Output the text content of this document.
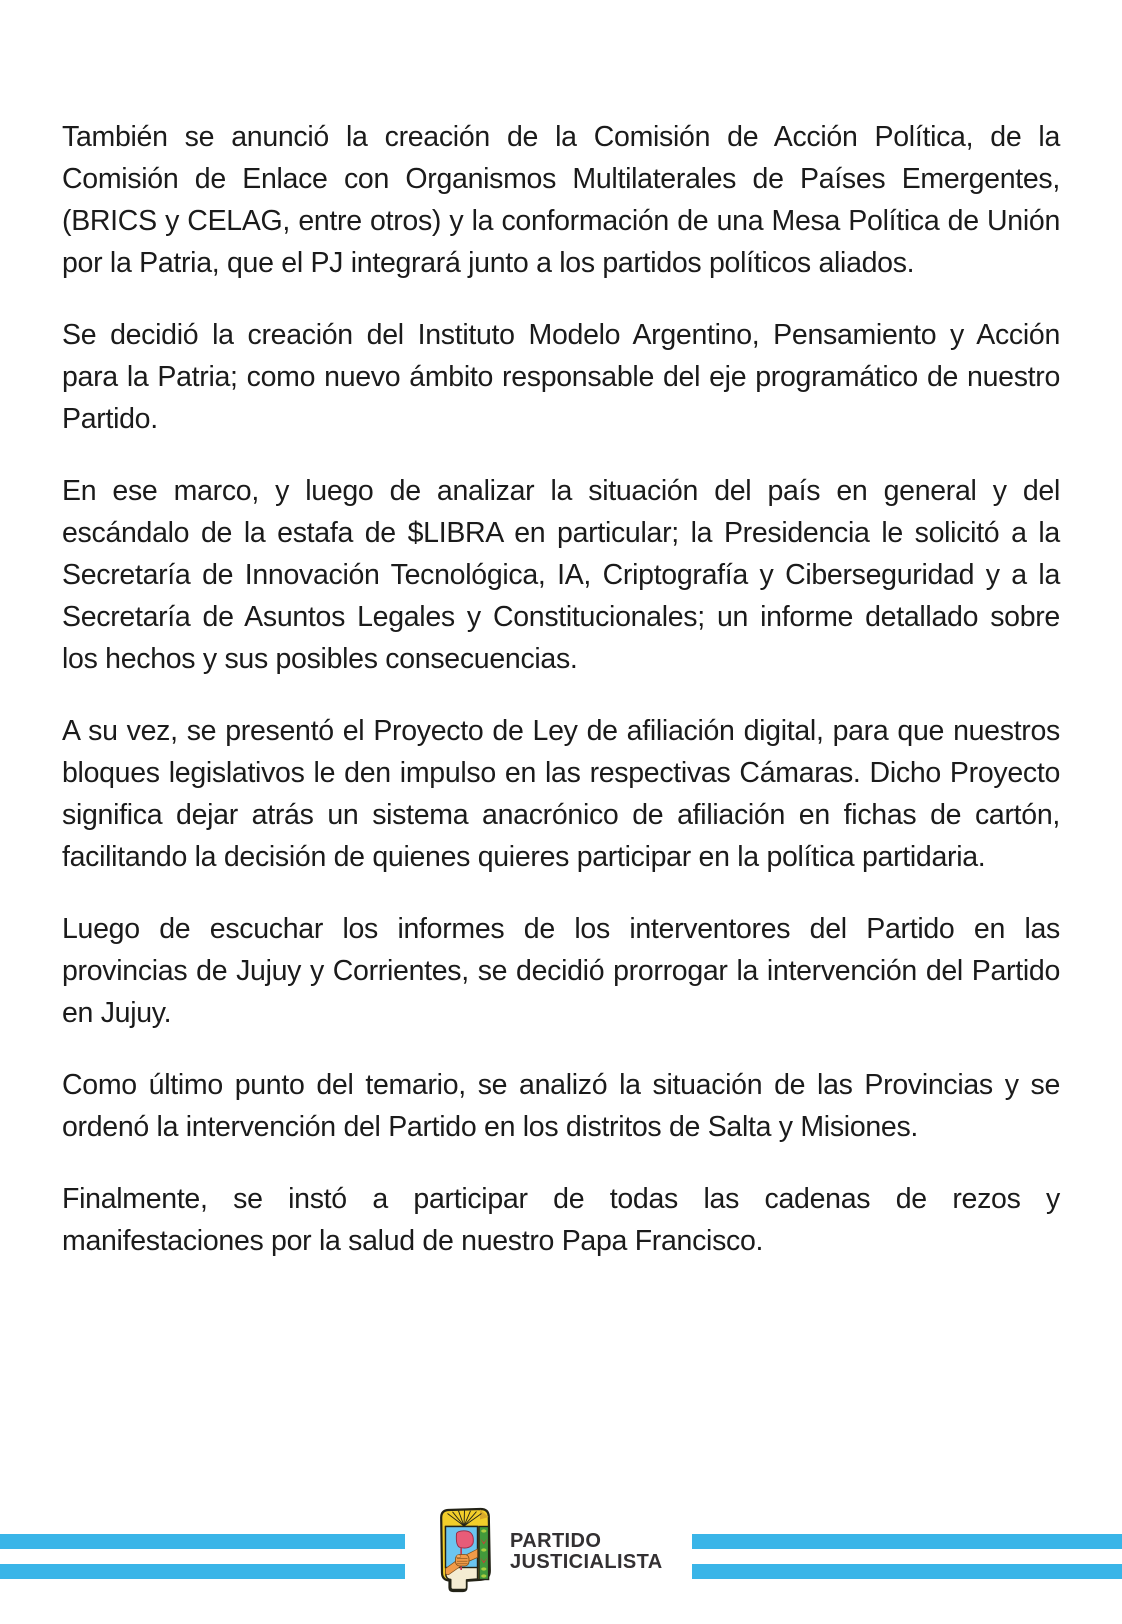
También se anunció la creación de la Comisión de Acción Política, de la Comisión de Enlace con Organismos Multilaterales de Países Emergentes, (BRICS y CELAG, entre otros) y la conformación de una Mesa Política de Unión por la Patria, que el PJ integrará junto a los partidos políticos aliados.

Se decidió la creación del Instituto Modelo Argentino, Pensamiento y Acción para la Patria; como nuevo ámbito responsable del eje programático de nuestro Partido.

En ese marco, y luego de analizar la situación del país en general y del escándalo de la estafa de $LIBRA en particular; la Presidencia le solicitó a la Secretaría de Innovación Tecnológica, IA, Criptografía y Ciberseguridad y a la Secretaría de Asuntos Legales y Constitucionales; un informe detallado sobre los hechos y sus posibles consecuencias.

A su vez, se presentó el Proyecto de Ley de afiliación digital, para que nuestros bloques legislativos le den impulso en las respectivas Cámaras. Dicho Proyecto significa dejar atrás un sistema anacrónico de afiliación en fichas de cartón, facilitando la decisión de quienes quieres participar en la política partidaria.

Luego de escuchar los informes de los interventores del Partido en las provincias de Jujuy y Corrientes, se decidió prorrogar la intervención del Partido en Jujuy.

Como último punto del temario, se analizó la situación de las Provincias y se ordenó la intervención del Partido en los distritos de Salta y Misiones.

Finalmente, se instó a participar de todas las cadenas de rezos y manifestaciones por la salud de nuestro Papa Francisco.

PARTIDO
JUSTICIALISTA
